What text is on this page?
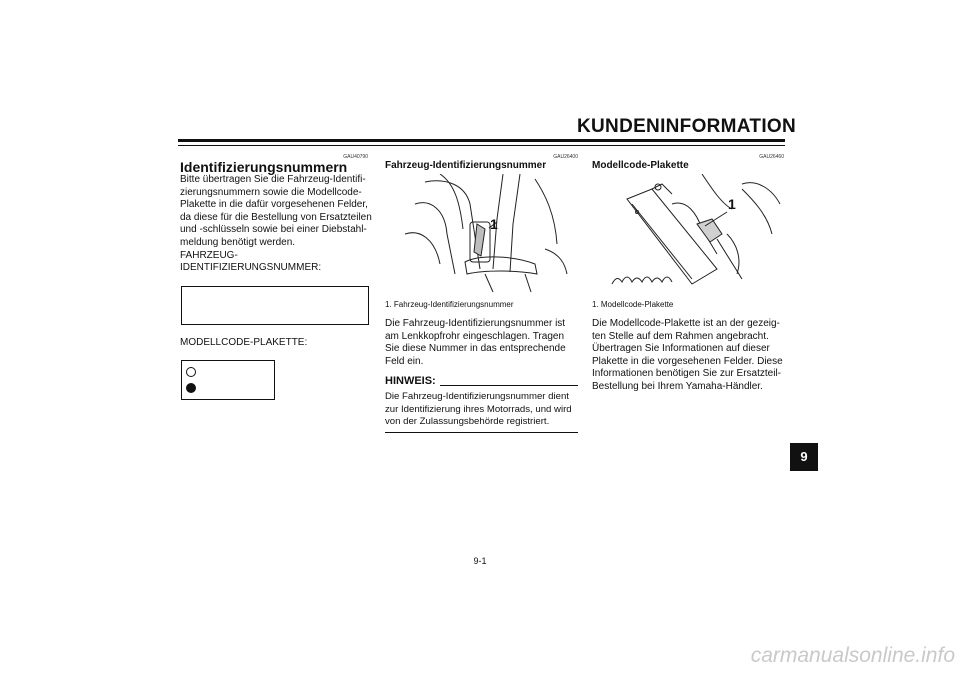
KUNDENINFORMATION
GAU40790
Identifizierungsnummern
Bitte übertragen Sie die Fahrzeug-Identifi-
zierungsnummern sowie die Modellcode-
Plakette in die dafür vorgesehenen Felder,
da diese für die Bestellung von Ersatzteilen
und -schlüsseln sowie bei einer Diebstahl-
meldung benötigt werden.
FAHRZEUG-
IDENTIFIZIERUNGSNUMMER:
MODELLCODE-PLAKETTE:
GAU26400
Fahrzeug-Identifizierungsnummer
1
1. Fahrzeug-Identifizierungsnummer
Die Fahrzeug-Identifizierungsnummer ist
am Lenkkopfrohr eingeschlagen. Tragen
Sie diese Nummer in das entsprechende
Feld ein.
HINWEIS:
Die Fahrzeug-Identifizierungsnummer dient
zur Identifizierung ihres Motorrads, und wird
von der Zulassungsbehörde registriert.
GAU26460
Modellcode-Plakette
1
1. Modellcode-Plakette
Die Modellcode-Plakette ist an der gezeig-
ten Stelle auf dem Rahmen angebracht.
Übertragen Sie Informationen auf dieser
Plakette in die vorgesehenen Felder. Diese
Informationen benötigen Sie zur Ersatzteil-
Bestellung bei Ihrem Yamaha-Händler.
9
9-1
carmanualsonline.info
